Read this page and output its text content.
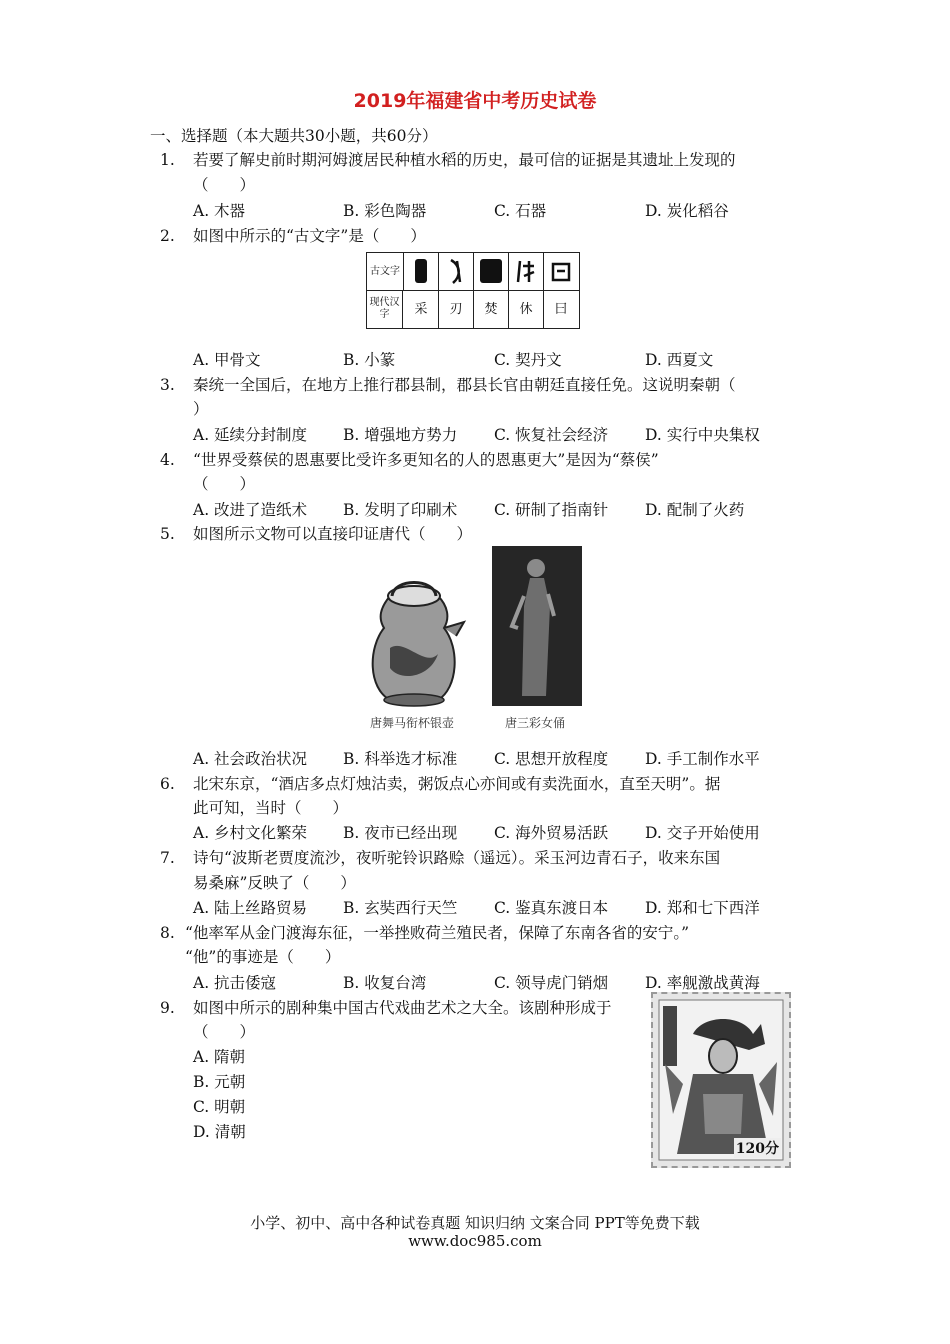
2019年福建省中考历史试卷
一、选择题（本大题共30小题，共60分）
1. 若要了解史前时期河姆渡居民种植水稻的历史，最可信的证据是其遗址上发现的
（　　）
A. 木器	B. 彩色陶器	C. 石器	D. 炭化稻谷
2. 如图中所示的“古文字”是（　　）
古文字
现代汉字	采	刃	焚	休	曰
A. 甲骨文	B. 小篆	C. 契丹文	D. 西夏文
3. 秦统一全国后，在地方上推行郡县制，郡县长官由朝廷直接任免。这说明秦朝（
）
A. 延续分封制度 B. 增强地方势力 C. 恢复社会经济 D. 实行中央集权
4. “世界受蔡侯的恩惠要比受许多更知名的人的恩惠更大”是因为“蔡侯”
（　　）
A. 改进了造纸术 B. 发明了印刷术 C. 研制了指南针 D. 配制了火药
5. 如图所示文物可以直接印证唐代（　　）
唐舞马衔杯银壶	唐三彩女俑
A. 社会政治状况 B. 科举选才标准 C. 思想开放程度 D. 手工制作水平
6. 北宋东京，“酒店多点灯烛沽卖，粥饭点心亦间或有卖洗面水，直至天明”。据
此可知，当时（　　）
A. 乡村文化繁荣 B. 夜市已经出现 C. 海外贸易活跃 D. 交子开始使用
7. 诗句“波斯老贾度流沙，夜听驼铃识路赊（遥远）。采玉河边青石子，收来东国
易桑麻”反映了（　　）
A. 陆上丝路贸易 B. 玄奘西行天竺 C. 鉴真东渡日本 D. 郑和七下西洋
8. “他率军从金门渡海东征，一举挫败荷兰殖民者，保障了东南各省的安宁。”
“他”的事迹是（　　）
A. 抗击倭寇	B. 收复台湾	C. 领导虎门销烟 D. 率舰激战黄海
9. 如图中所示的剧种集中国古代戏曲艺术之大全。该剧种形成于
（　　）
A. 隋朝
B. 元朝
C. 明朝
D. 清朝
120分
小学、初中、高中各种试卷真题 知识归纳 文案合同 PPT等免费下载
www.doc985.com
